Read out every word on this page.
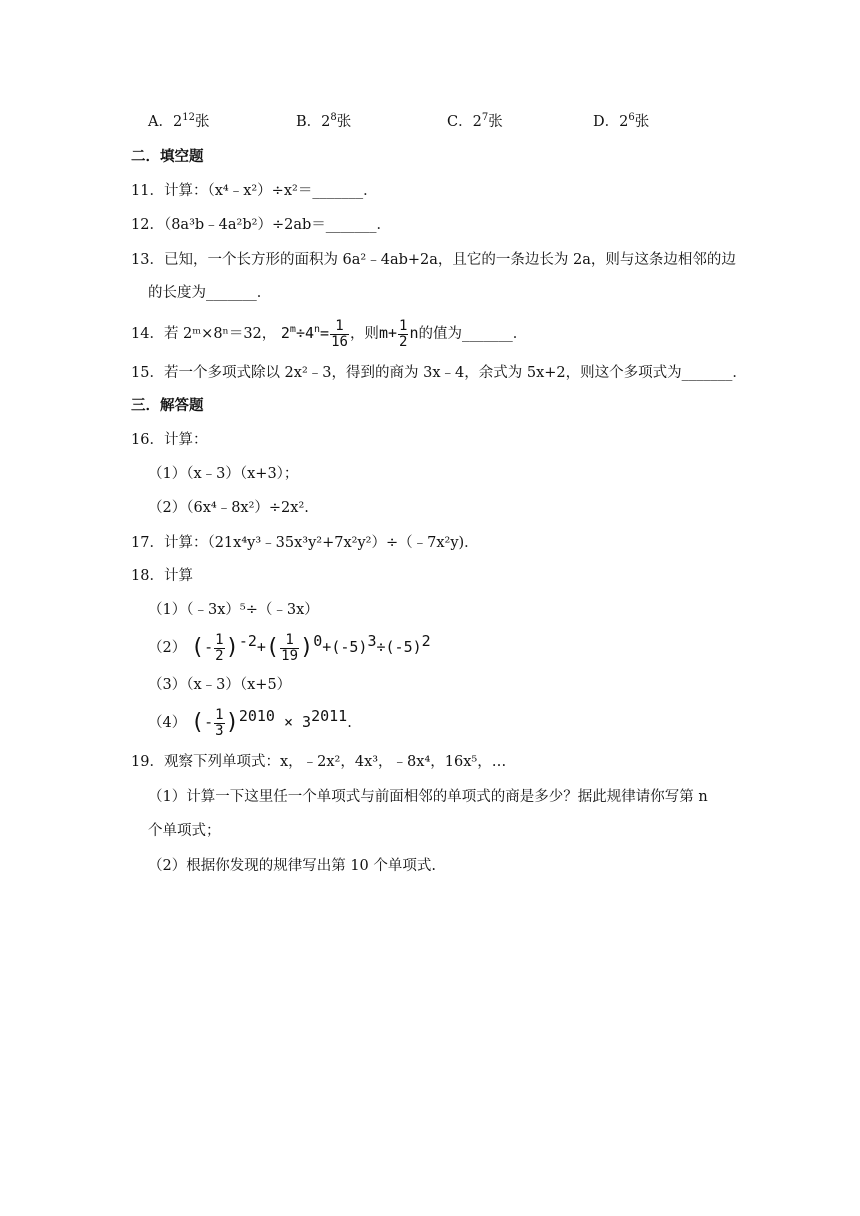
A．$2^{12}$张	B．$2^8$张	C．$2^7$张	D．$2^6$张
二．填空题
11．计算：（x⁴﹣x²）÷x²＝_______．
12．（8a³b﹣4a²b²）÷2ab＝_______．
13．已知，一个长方形的面积为 6a²﹣4ab+2a，且它的一条边长为 2a，则与这条边相邻的边
的长度为_______．
14．若 2ᵐ×8ⁿ＝32， $2^m\div 4^n= \frac{1}{16}$ ，则$m+ \frac{1}{2}$ n的值为_______．
15．若一个多项式除以 2x²﹣3，得到的商为 3x﹣4，余式为 5x+2，则这个多项式为_______．
三．解答题
16．计算：
（1）（x﹣3）（x+3）；
（2）（6x⁴﹣8x²）÷2x².
17．计算：（21x⁴y³﹣35x³y²+7x²y²）÷（﹣7x²y)．
18．计算
（1）（﹣3x）⁵÷（﹣3x）
（2） (- $\frac{1}{2} )^{-2}+( \frac{1}{19} )^0+(-5)^3\div(-5)^2$
（3）（x﹣3）（x+5）
（4） (- $\frac{1}{3} )^{2010} \times 3^{2011}$.
19．观察下列单项式：x，﹣2x²，4x³，﹣8x⁴，16x⁵，…
（1）计算一下这里任一个单项式与前面相邻的单项式的商是多少？据此规律请你写第 n
个单项式；
（2）根据你发现的规律写出第 10 个单项式.
